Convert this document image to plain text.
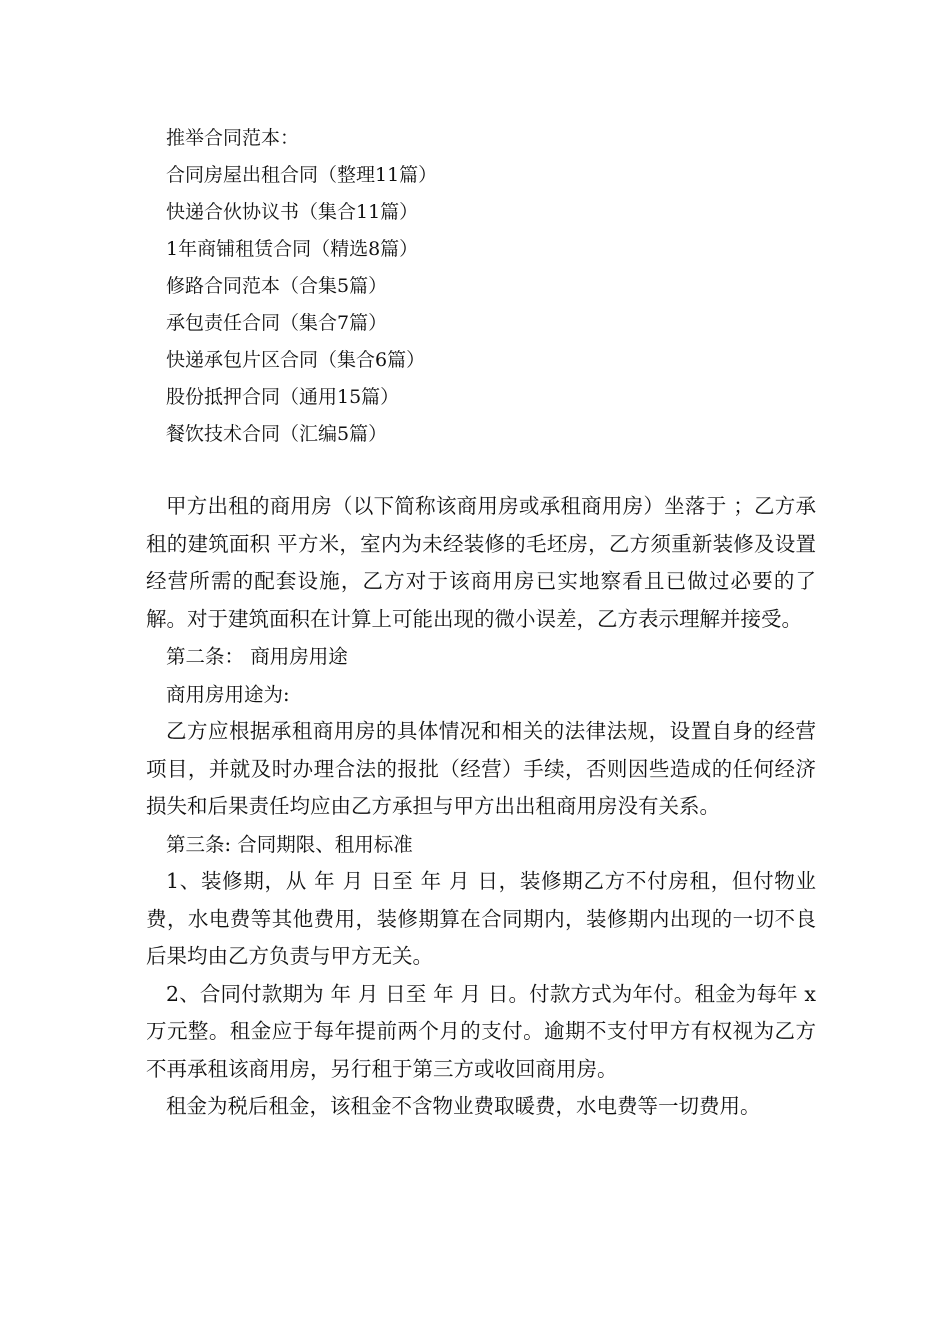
推举合同范本：
合同房屋出租合同（整理11篇）
快递合伙协议书（集合11篇）
1年商铺租赁合同（精选8篇）
修路合同范本（合集5篇）
承包责任合同（集合7篇）
快递承包片区合同（集合6篇）
股份抵押合同（通用15篇）
餐饮技术合同（汇编5篇）

甲方出租的商用房（以下简称该商用房或承租商用房）坐落于 ；乙方承租的建筑面积 平方米，室内为未经装修的毛坯房，乙方须重新装修及设置经营所需的配套设施，乙方对于该商用房已实地察看且已做过必要的了解。对于建筑面积在计算上可能出现的微小误差，乙方表示理解并接受。

第二条： 商用房用途

商用房用途为:

乙方应根据承租商用房的具体情况和相关的法律法规，设置自身的经营项目，并就及时办理合法的报批（经营）手续，否则因些造成的任何经济损失和后果责任均应由乙方承担与甲方出出租商用房没有关系。

第三条: 合同期限、租用标准

1、装修期，从 年 月 日至 年 月 日，装修期乙方不付房租，但付物业费，水电费等其他费用，装修期算在合同期内，装修期内出现的一切不良后果均由乙方负责与甲方无关。

2、合同付款期为 年 月 日至 年 月 日。付款方式为年付。租金为每年 x 万元整。租金应于每年提前两个月的支付。逾期不支付甲方有权视为乙方不再承租该商用房，另行租于第三方或收回商用房。

租金为税后租金，该租金不含物业费取暖费，水电费等一切费用。
